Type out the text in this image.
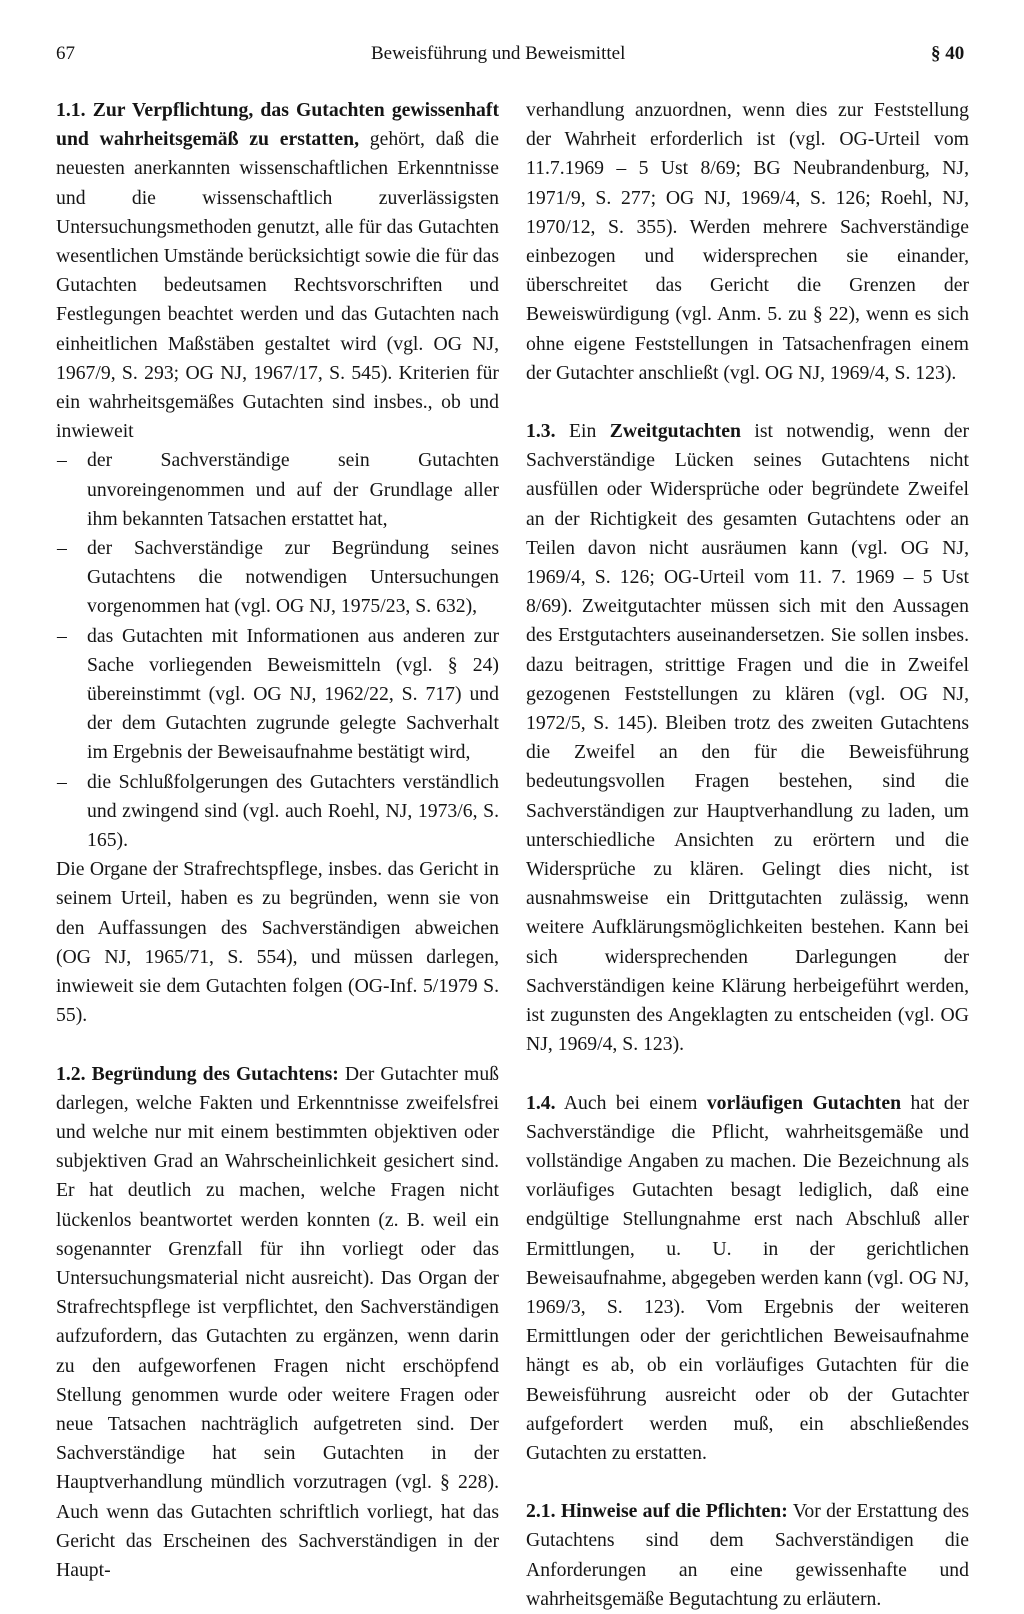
67	Beweisführung und Beweismittel	§ 40

1.1. Zur Verpflichtung, das Gutachten gewissenhaft und wahrheitsgemäß zu erstatten, gehört, daß die neuesten anerkannten wissenschaftlichen Erkenntnisse und die wissenschaftlich zuverlässigsten Untersuchungsmethoden genutzt, alle für das Gutachten wesentlichen Umstände berücksichtigt sowie die für das Gutachten bedeutsamen Rechtsvorschriften und Festlegungen beachtet werden und das Gutachten nach einheitlichen Maßstäben gestaltet wird (vgl. OG NJ, 1967/9, S. 293; OG NJ, 1967/17, S. 545). Kriterien für ein wahrheitsgemäßes Gutachten sind insbes., ob und inwieweit

– der Sachverständige sein Gutachten unvoreingenommen und auf der Grundlage aller ihm bekannten Tatsachen erstattet hat,
– der Sachverständige zur Begründung seines Gutachtens die notwendigen Untersuchungen vorgenommen hat (vgl. OG NJ, 1975/23, S. 632),
– das Gutachten mit Informationen aus anderen zur Sache vorliegenden Beweismitteln (vgl. § 24) übereinstimmt (vgl. OG NJ, 1962/22, S. 717) und der dem Gutachten zugrunde gelegte Sachverhalt im Ergebnis der Beweisaufnahme bestätigt wird,
– die Schlußfolgerungen des Gutachters verständlich und zwingend sind (vgl. auch Roehl, NJ, 1973/6, S. 165).

Die Organe der Strafrechtspflege, insbes. das Gericht in seinem Urteil, haben es zu begründen, wenn sie von den Auffassungen des Sachverständigen abweichen (OG NJ, 1965/71, S. 554), und müssen darlegen, inwieweit sie dem Gutachten folgen (OG-Inf. 5/1979 S. 55).

1.2. Begründung des Gutachtens: Der Gutachter muß darlegen, welche Fakten und Erkenntnisse zweifelsfrei und welche nur mit einem bestimmten objektiven oder subjektiven Grad an Wahrscheinlichkeit gesichert sind. Er hat deutlich zu machen, welche Fragen nicht lückenlos beantwortet werden konnten (z. B. weil ein sogenannter Grenzfall für ihn vorliegt oder das Untersuchungsmaterial nicht ausreicht). Das Organ der Strafrechtspflege ist verpflichtet, den Sachverständigen aufzufordern, das Gutachten zu ergänzen, wenn darin zu den aufgeworfenen Fragen nicht erschöpfend Stellung genommen wurde oder weitere Fragen oder neue Tatsachen nachträglich aufgetreten sind. Der Sachverständige hat sein Gutachten in der Hauptverhandlung mündlich vorzutragen (vgl. § 228). Auch wenn das Gutachten schriftlich vorliegt, hat das Gericht das Erscheinen des Sachverständigen in der Haupt-

verhandlung anzuordnen, wenn dies zur Feststellung der Wahrheit erforderlich ist (vgl. OG-Urteil vom 11.7.1969 – 5 Ust 8/69; BG Neubrandenburg, NJ, 1971/9, S. 277; OG NJ, 1969/4, S. 126; Roehl, NJ, 1970/12, S. 355). Werden mehrere Sachverständige einbezogen und widersprechen sie einander, überschreitet das Gericht die Grenzen der Beweiswürdigung (vgl. Anm. 5. zu § 22), wenn es sich ohne eigene Feststellungen in Tatsachenfragen einem der Gutachter anschließt (vgl. OG NJ, 1969/4, S. 123).

1.3. Ein Zweitgutachten ist notwendig, wenn der Sachverständige Lücken seines Gutachtens nicht ausfüllen oder Widersprüche oder begründete Zweifel an der Richtigkeit des gesamten Gutachtens oder an Teilen davon nicht ausräumen kann (vgl. OG NJ, 1969/4, S. 126; OG-Urteil vom 11. 7. 1969 – 5 Ust 8/69). Zweitgutachter müssen sich mit den Aussagen des Erstgutachters auseinandersetzen. Sie sollen insbes. dazu beitragen, strittige Fragen und die in Zweifel gezogenen Feststellungen zu klären (vgl. OG NJ, 1972/5, S. 145). Bleiben trotz des zweiten Gutachtens die Zweifel an den für die Beweisführung bedeutungsvollen Fragen bestehen, sind die Sachverständigen zur Hauptverhandlung zu laden, um unterschiedliche Ansichten zu erörtern und die Widersprüche zu klären. Gelingt dies nicht, ist ausnahmsweise ein Drittgutachten zulässig, wenn weitere Aufklärungsmöglichkeiten bestehen. Kann bei sich widersprechenden Darlegungen der Sachverständigen keine Klärung herbeigeführt werden, ist zugunsten des Angeklagten zu entscheiden (vgl. OG NJ, 1969/4, S. 123).

1.4. Auch bei einem vorläufigen Gutachten hat der Sachverständige die Pflicht, wahrheitsgemäße und vollständige Angaben zu machen. Die Bezeichnung als vorläufiges Gutachten besagt lediglich, daß eine endgültige Stellungnahme erst nach Abschluß aller Ermittlungen, u. U. in der gerichtlichen Beweisaufnahme, abgegeben werden kann (vgl. OG NJ, 1969/3, S. 123). Vom Ergebnis der weiteren Ermittlungen oder der gerichtlichen Beweisaufnahme hängt es ab, ob ein vorläufiges Gutachten für die Beweisführung ausreicht oder ob der Gutachter aufgefordert werden muß, ein abschließendes Gutachten zu erstatten.

2.1. Hinweise auf die Pflichten: Vor der Erstattung des Gutachtens sind dem Sachverständigen die Anforderungen an eine gewissenhafte und wahrheitsgemäße Begutachtung zu erläutern.
